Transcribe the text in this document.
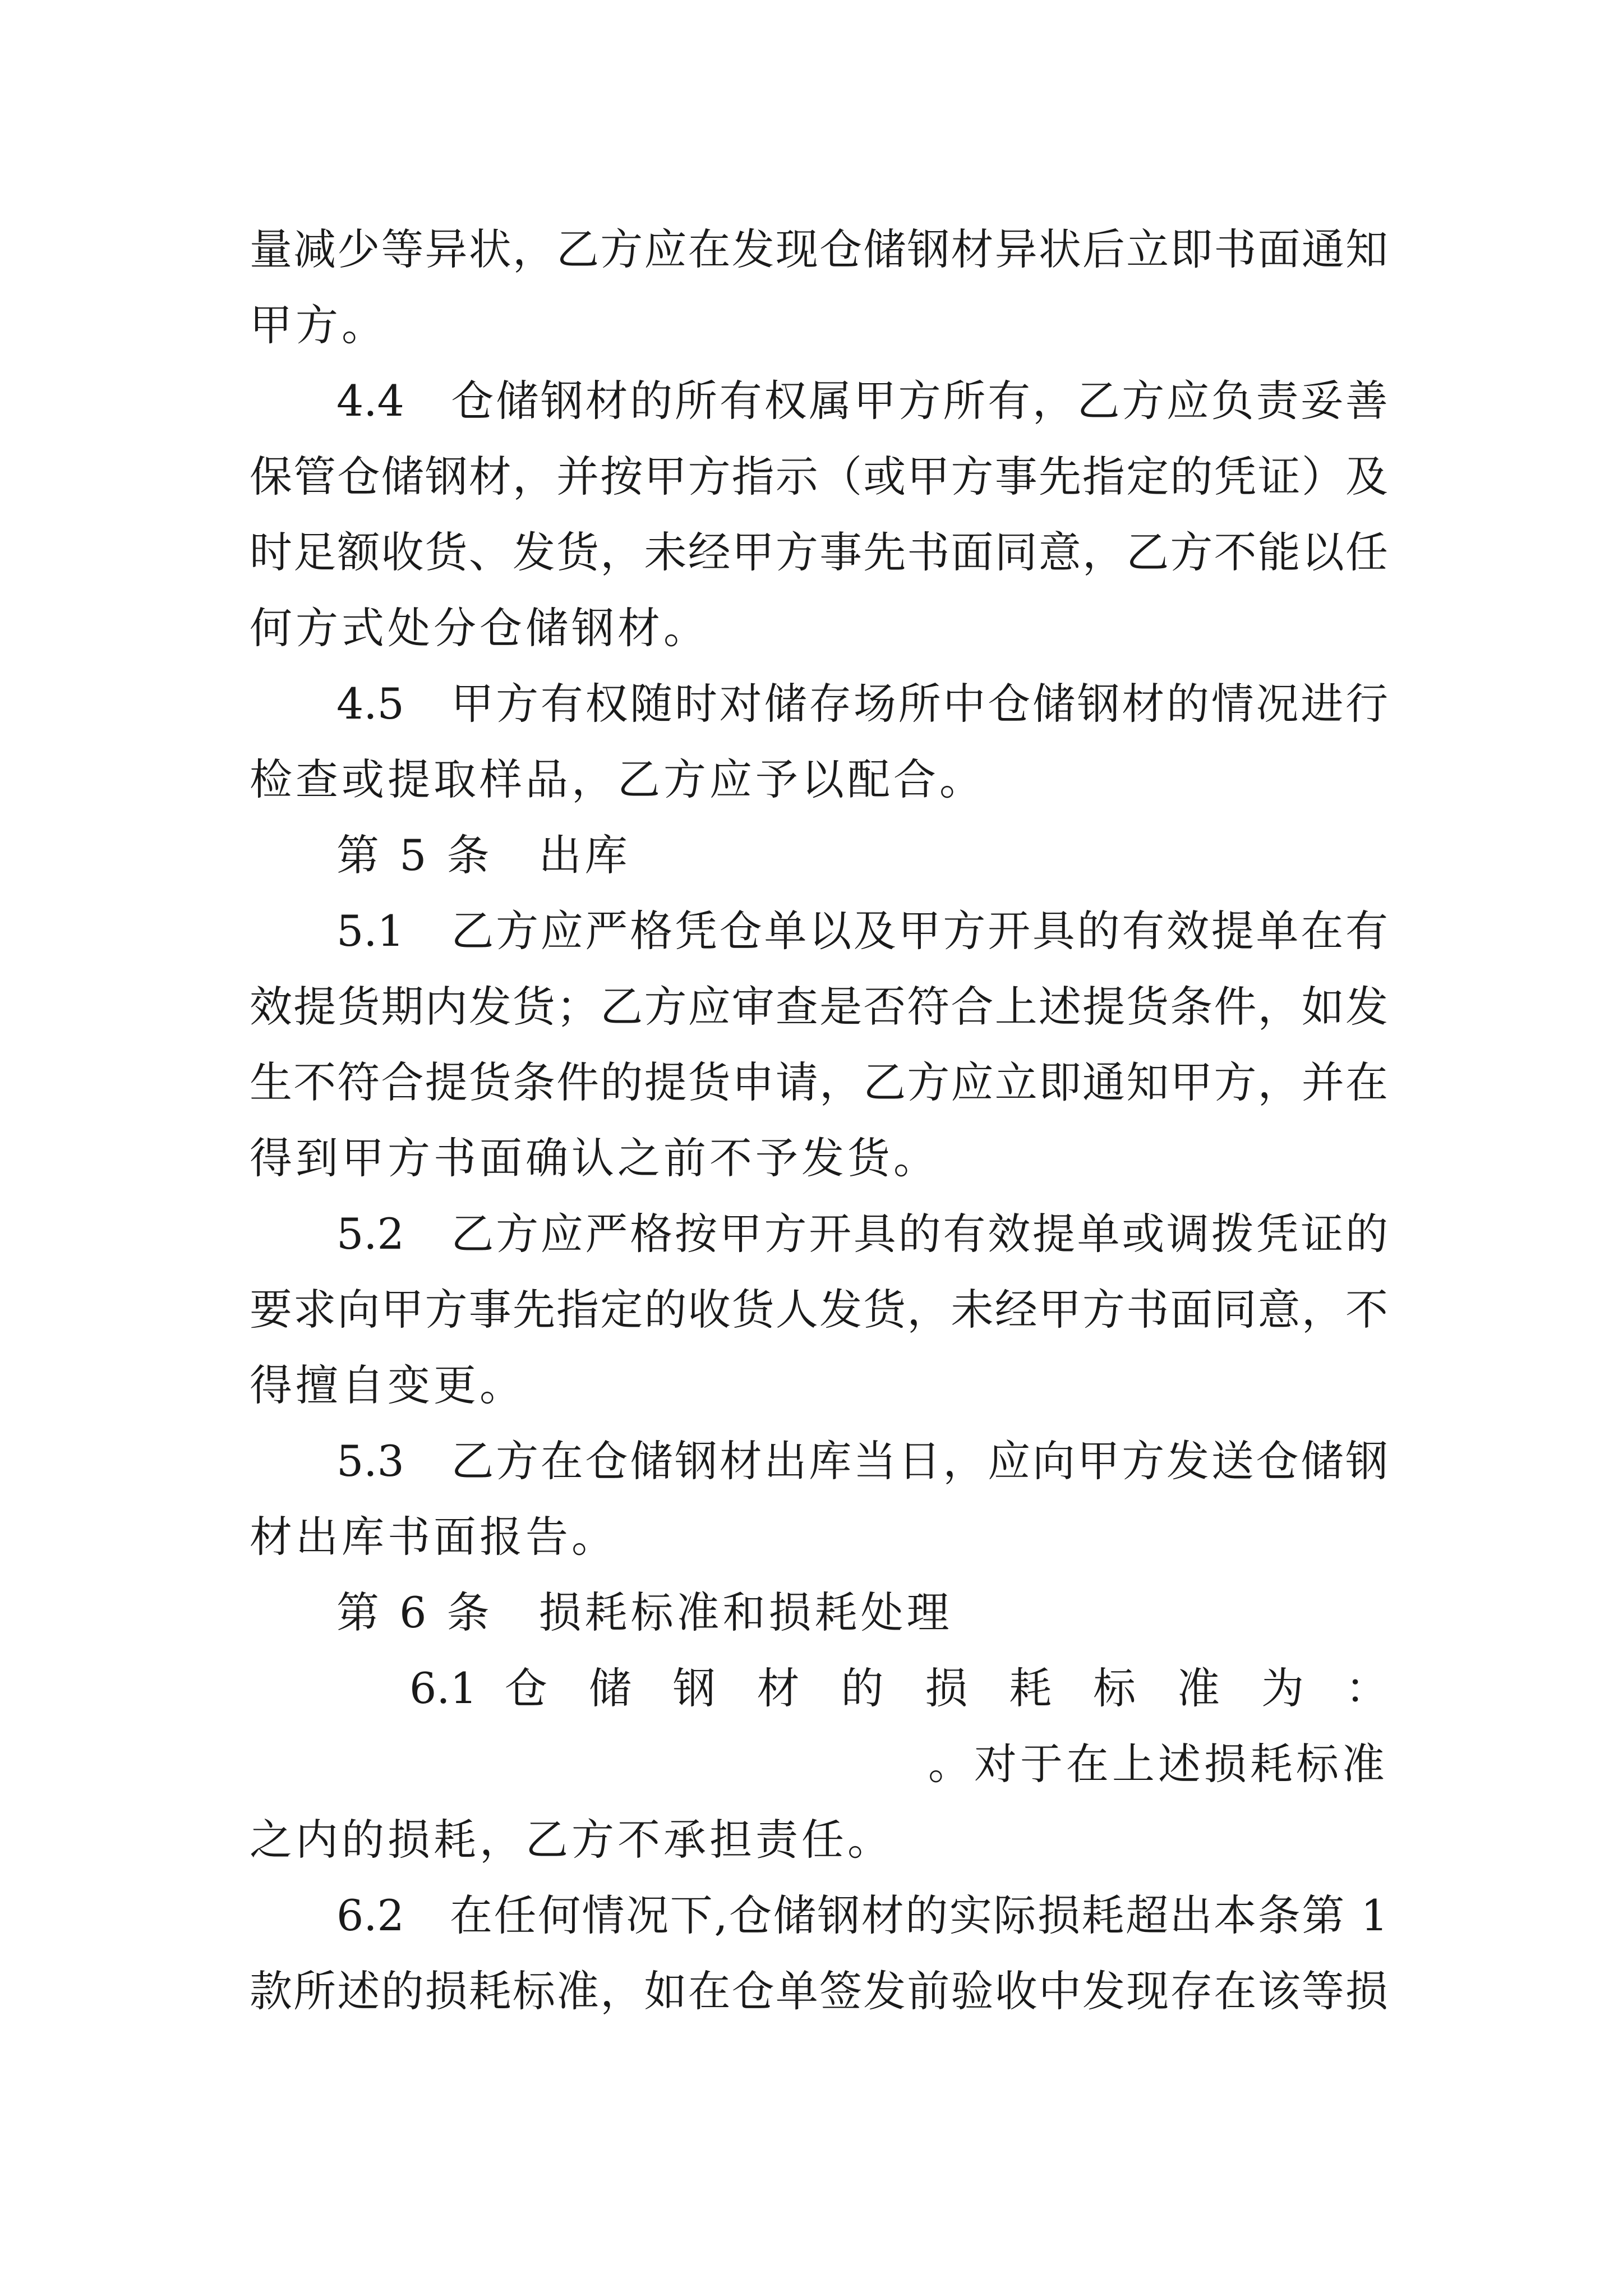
量减少等异状，乙方应在发现仓储钢材异状后立即书面通知
甲方。
4.4　仓储钢材的所有权属甲方所有，乙方应负责妥善
保管仓储钢材，并按甲方指示（或甲方事先指定的凭证）及
时足额收货、发货，未经甲方事先书面同意，乙方不能以任
何方式处分仓储钢材。
4.5　甲方有权随时对储存场所中仓储钢材的情况进行
检查或提取样品，乙方应予以配合。
第 5 条　出库
5.1　乙方应严格凭仓单以及甲方开具的有效提单在有
效提货期内发货；乙方应审查是否符合上述提货条件，如发
生不符合提货条件的提货申请，乙方应立即通知甲方，并在
得到甲方书面确认之前不予发货。
5.2　乙方应严格按甲方开具的有效提单或调拨凭证的
要求向甲方事先指定的收货人发货，未经甲方书面同意，不
得擅自变更。
5.3　乙方在仓储钢材出库当日，应向甲方发送仓储钢
材出库书面报告。
第 6 条　损耗标准和损耗处理
6.1 仓 储 钢 材 的 损 耗 标 准 为 ：
。对于在上述损耗标准
之内的损耗，乙方不承担责任。
6.2　在任何情况下,仓储钢材的实际损耗超出本条第 1
款所述的损耗标准，如在仓单签发前验收中发现存在该等损
